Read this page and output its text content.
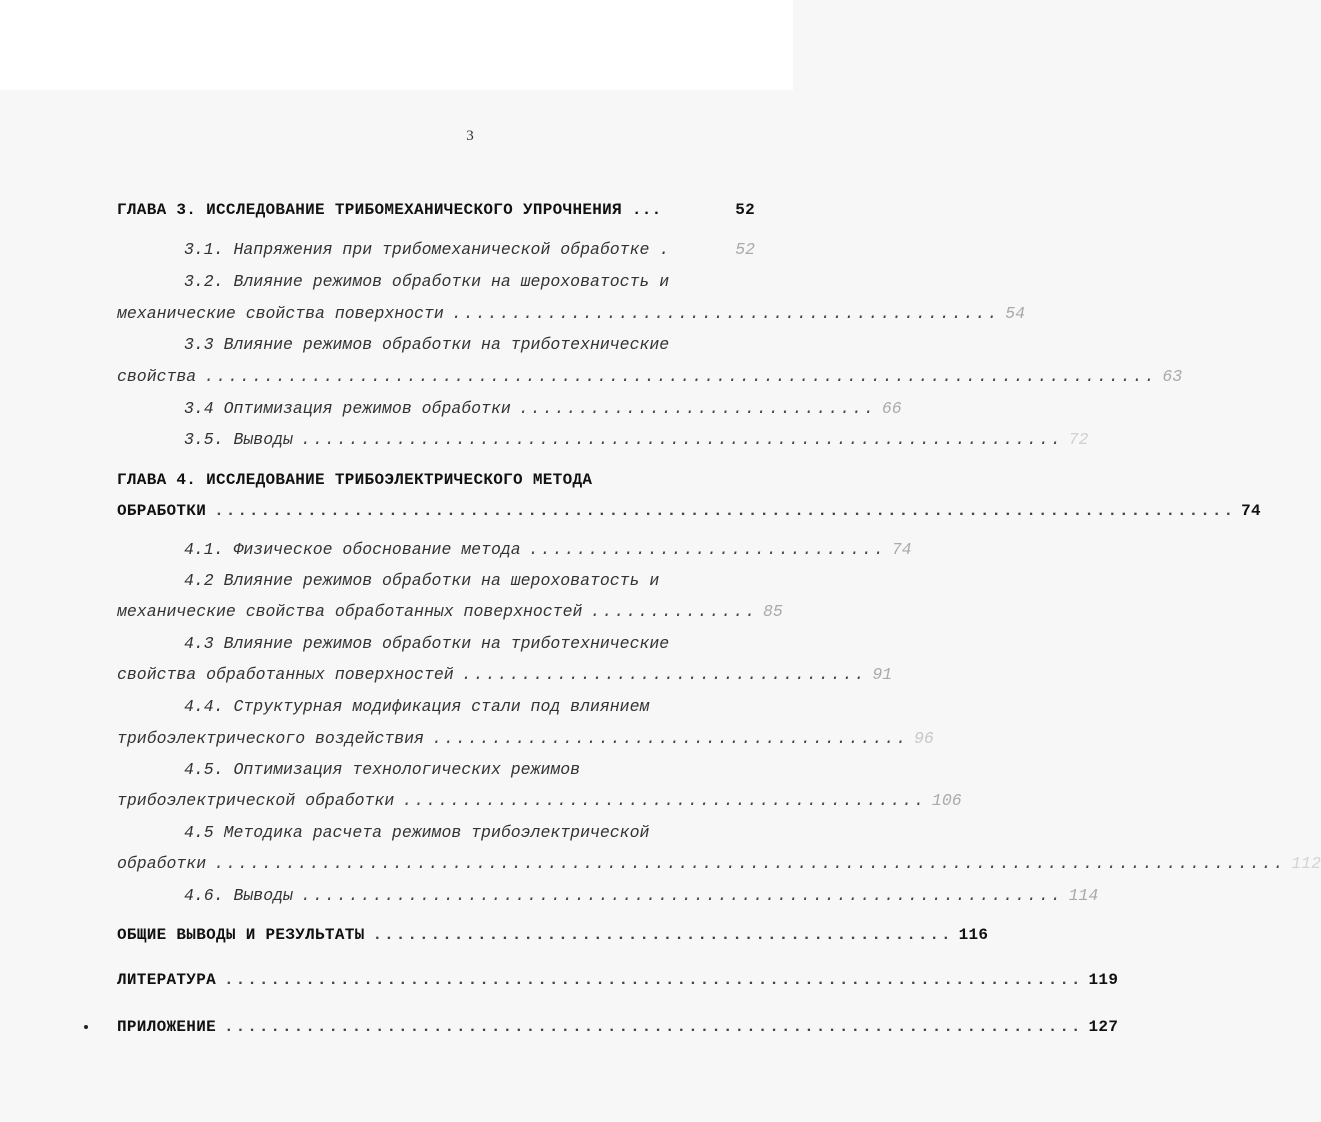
3
ГЛАВА 3. ИССЛЕДОВАНИЕ ТРИБОМЕХАНИЧЕСКОГО УПРОЧНЕНИЯ ...	52
3.1. Напряжения при трибомеханической обработке .	52
3.2. Влияние режимов обработки на шероховатость и
механические свойства поверхности .............................................. 54
3.3 Влияние режимов обработки на триботехнические
свойства ................................................................................ 63
3.4 Оптимизация режимов обработки .............................. 66
3.5. Выводы ................................................................ 72
ГЛАВА 4. ИССЛЕДОВАНИЕ ТРИБОЭЛЕКТРИЧЕСКОГО МЕТОДА
ОБРАБОТКИ ........................................................................................ 74
4.1. Физическое обоснование метода .............................. 74
4.2 Влияние режимов обработки на шероховатость и
механические свойства обработанных поверхностей .............. 85
4.3 Влияние режимов обработки на триботехнические
свойства обработанных поверхностей .................................. 91
4.4. Структурная модификация стали под влиянием
трибоэлектрического воздействия ........................................ 96
4.5. Оптимизация технологических режимов
трибоэлектрической обработки ............................................ 106
4.5 Методика расчета режимов трибоэлектрической
обработки .......................................................................................... 112
4.6. Выводы ................................................................ 114
ОБЩИЕ ВЫВОДЫ И РЕЗУЛЬТАТЫ .................................................. 116
ЛИТЕРАТУРА .......................................................................... 119
ПРИЛОЖЕНИЕ .......................................................................... 127
